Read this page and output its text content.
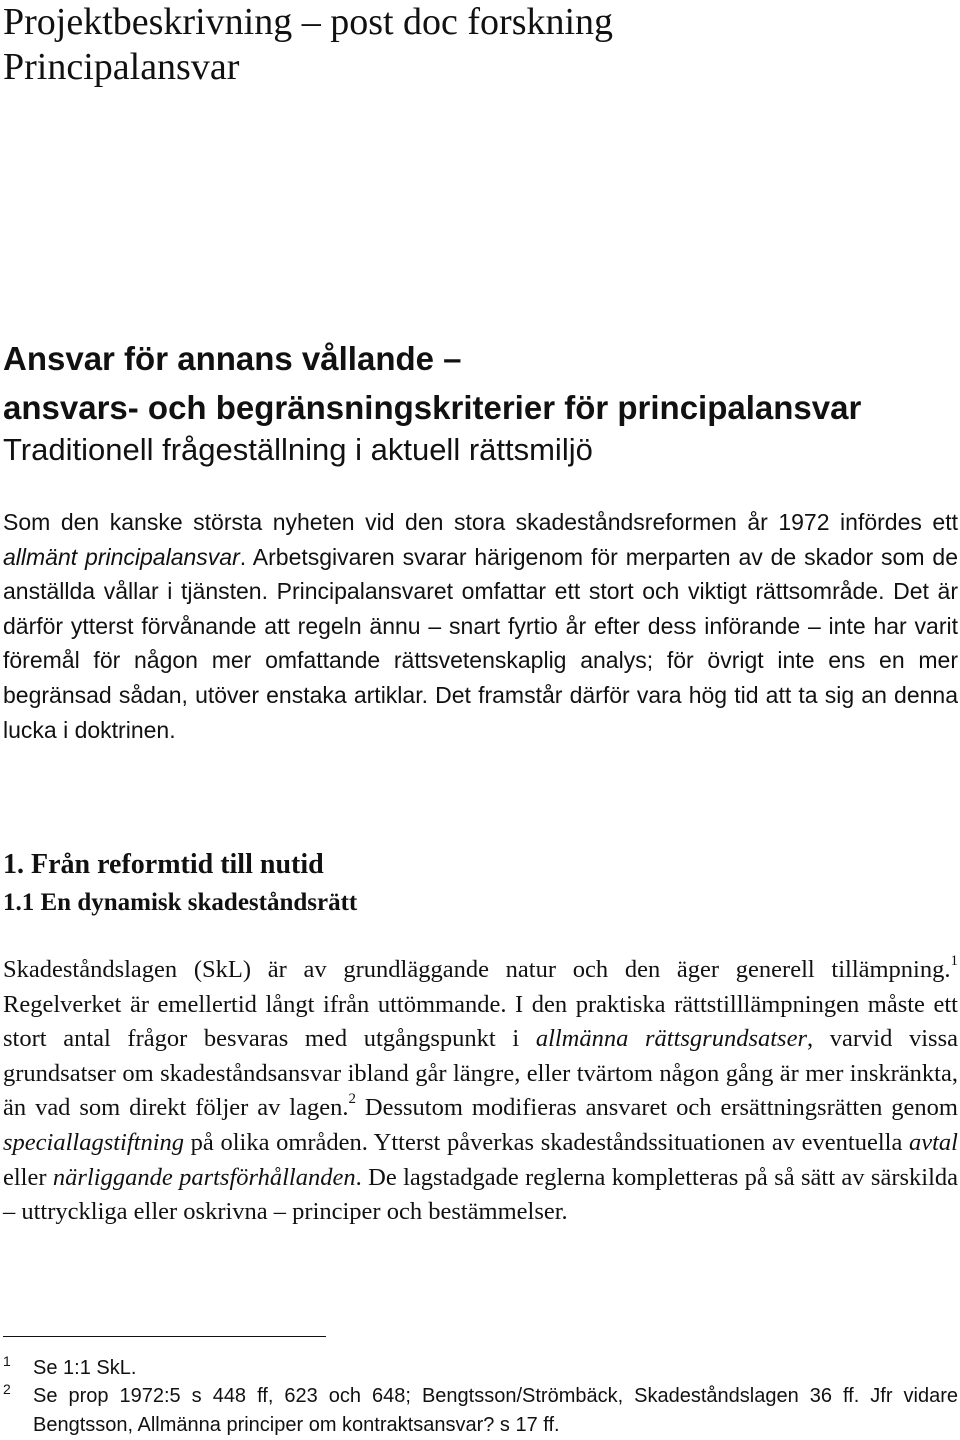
Projektbeskrivning – post doc forskning
Principalansvar
Ansvar för annans vållande –
ansvars- och begränsningskriterier för principalansvar
Traditionell frågeställning i aktuell rättsmiljö

Som den kanske största nyheten vid den stora skadeståndsreformen år 1972 infördes ett allmänt principalansvar. Arbetsgivaren svarar härigenom för merparten av de skador som de anställda vållar i tjänsten. Principalansvaret omfattar ett stort och viktigt rättsområde. Det är därför ytterst förvånande att regeln ännu – snart fyrtio år efter dess införande – inte har varit föremål för någon mer omfattande rättsvetenskaplig analys; för övrigt inte ens en mer begränsad sådan, utöver enstaka artiklar. Det framstår därför vara hög tid att ta sig an denna lucka i doktrinen.

1. Från reformtid till nutid
1.1 En dynamisk skadeståndsrätt

Skadeståndslagen (SkL) är av grundläggande natur och den äger generell tillämpning.$^1$ Regelverket är emellertid långt ifrån uttömmande. I den praktiska rättstilllämpningen måste ett stort antal frågor besvaras med utgångspunkt i allmänna rättsgrundsatser, varvid vissa grundsatser om skadeståndsansvar ibland går längre, eller tvärtom någon gång är mer inskränkta, än vad som direkt följer av lagen.$^2$ Dessutom modifieras ansvaret och ersättningsrätten genom speciallagstiftning på olika områden. Ytterst påverkas skadeståndssituationen av eventuella avtal eller närliggande partsförhållanden. De lagstadgade reglerna kompletteras på så sätt av särskilda – uttryckliga eller oskrivna – principer och bestämmelser.

1 Se 1:1 SkL.

2 Se prop 1972:5 s 448 ff, 623 och 648; Bengtsson/Strömbäck, Skadeståndslagen 36 ff. Jfr vidare Bengtsson, Allmänna principer om kontraktsansvar? s 17 ff.
